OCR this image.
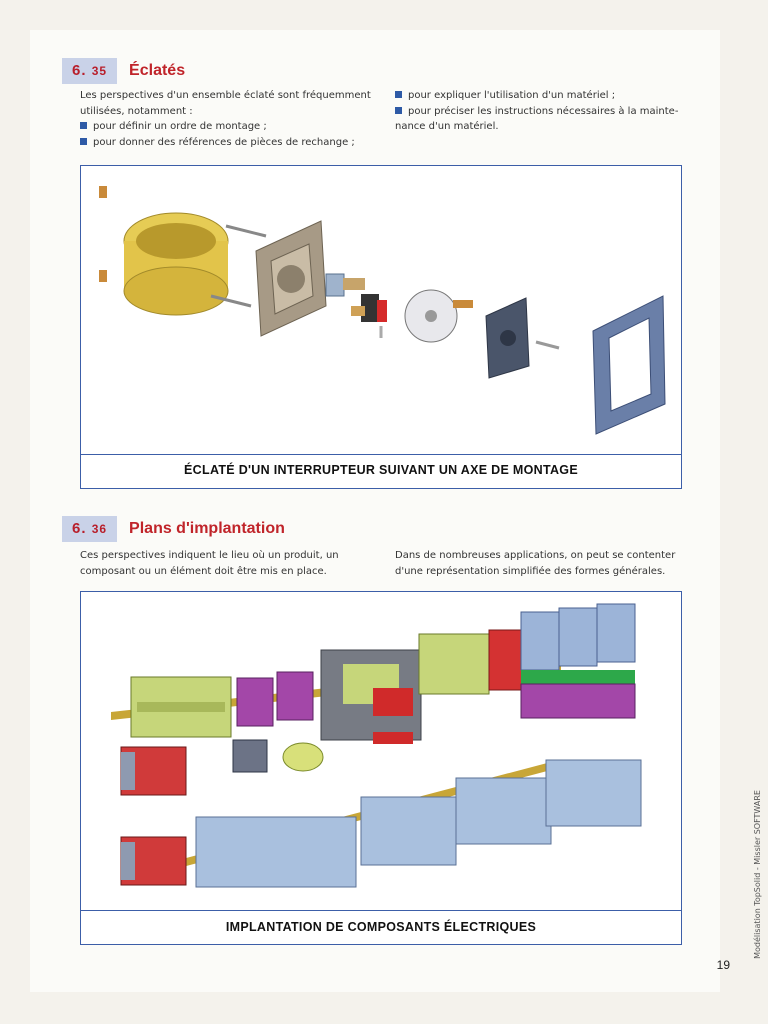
6. 35	Éclatés

Les perspectives d'un ensemble éclaté sont fréquemment

utilisées, notamment :

pour définir un ordre de montage ;

pour donner des références de pièces de rechange ;

pour expliquer l'utilisation d'un matériel ;

pour préciser les instructions nécessaires à la mainte-

nance d'un matériel.

ÉCLATÉ D'UN INTERRUPTEUR SUIVANT UN AXE DE MONTAGE
6. 36	Plans d'implantation

Ces perspectives indiquent le lieu où un produit, un

composant ou un élément doit être mis en place.

Dans de nombreuses applications, on peut se contenter

d'une représentation simplifiée des formes générales.

IMPLANTATION DE COMPOSANTS ÉLECTRIQUES	Modélisation TopSolid - Missler SOFTWARE
19
